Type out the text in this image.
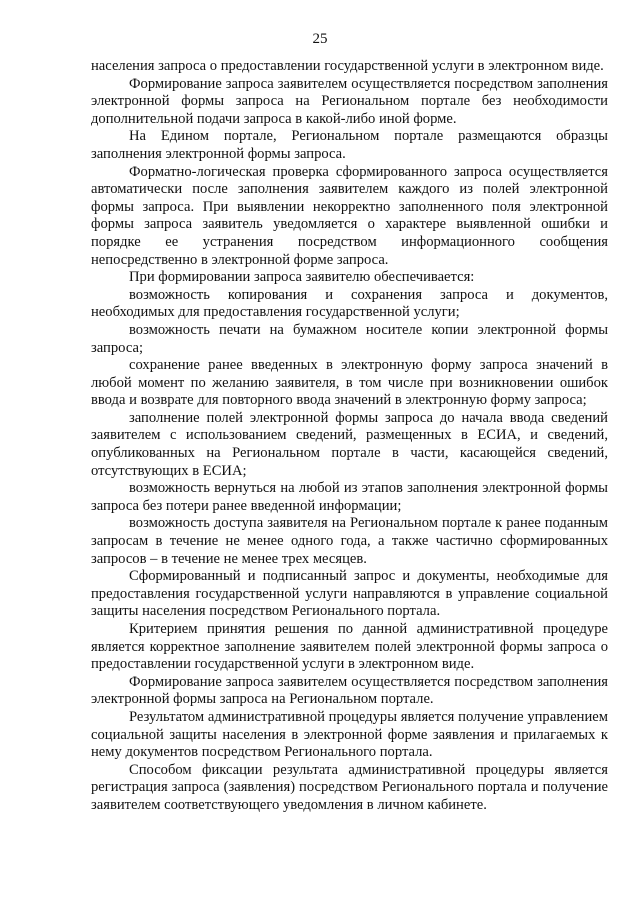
25

населения запроса о предоставлении государственной услуги в электронном виде.

Формирование запроса заявителем осуществляется посредством заполнения электронной формы запроса на Региональном портале без необходимости дополнительной подачи запроса в какой-либо иной форме.

На Едином портале, Региональном портале размещаются образцы заполнения электронной формы запроса.

Форматно-логическая проверка сформированного запроса осуществляется автоматически после заполнения заявителем каждого из полей электронной формы запроса. При выявлении некорректно заполненного поля электронной формы запроса заявитель уведомляется о характере выявленной ошибки и порядке ее устранения посредством информационного сообщения непосредственно в электронной форме запроса.

При формировании запроса заявителю обеспечивается:

возможность копирования и сохранения запроса и документов, необходимых для предоставления государственной услуги;

возможность печати на бумажном носителе копии электронной формы запроса;

сохранение ранее введенных в электронную форму запроса значений в любой момент по желанию заявителя, в том числе при возникновении ошибок ввода и возврате для повторного ввода значений в электронную форму запроса;

заполнение полей электронной формы запроса до начала ввода сведений заявителем с использованием сведений, размещенных в ЕСИА, и сведений, опубликованных на Региональном портале в части, касающейся сведений, отсутствующих в ЕСИА;

возможность вернуться на любой из этапов заполнения электронной формы запроса без потери ранее введенной информации;

возможность доступа заявителя на Региональном портале к ранее поданным запросам в течение не менее одного года, а также частично сформированных запросов – в течение не менее трех месяцев.

Сформированный и подписанный запрос и документы, необходимые для предоставления государственной услуги направляются в управление социальной защиты населения посредством Регионального портала.

Критерием принятия решения по данной административной процедуре является корректное заполнение заявителем полей электронной формы запроса о предоставлении государственной услуги в электронном виде.

Формирование запроса заявителем осуществляется посредством заполнения электронной формы запроса на Региональном портале.

Результатом административной процедуры является получение управлением социальной защиты населения в электронной форме заявления и прилагаемых к нему документов посредством Регионального портала.

Способом фиксации результата административной процедуры является регистрация запроса (заявления) посредством Регионального портала и получение заявителем соответствующего уведомления в личном кабинете.
